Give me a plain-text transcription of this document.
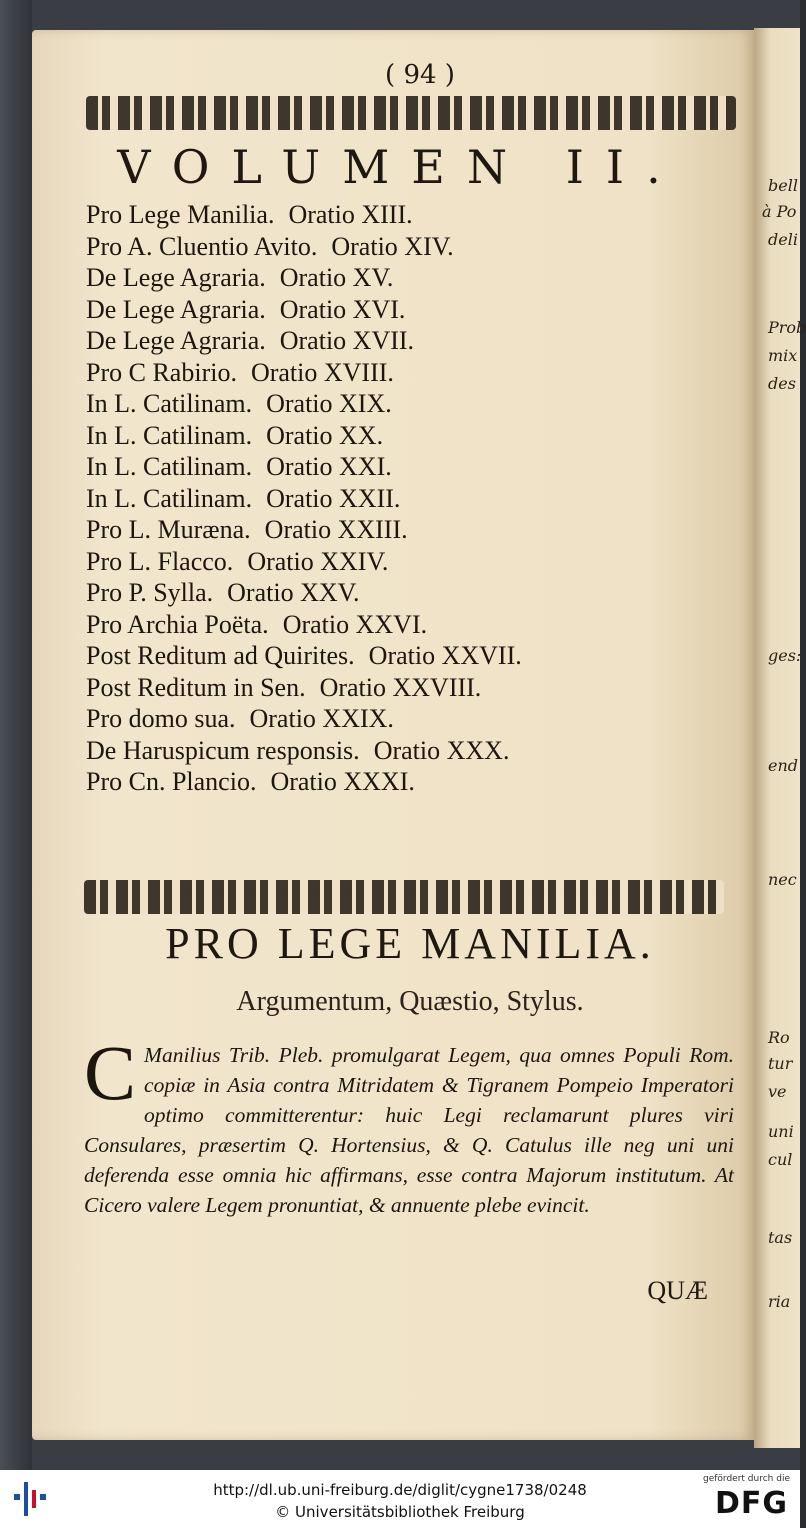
bell
à Po
deli
Prob
mix
des
ges:
end
nec
Ro
tur
ve
uni
cul
tas
ria
( 94 )
VOLUMEN II.
Pro Lege Manilia. Oratio XIII.
Pro A. Cluentio Avito. Oratio XIV.
De Lege Agraria. Oratio XV.
De Lege Agraria. Oratio XVI.
De Lege Agraria. Oratio XVII.
Pro C Rabirio. Oratio XVIII.
In L. Catilinam. Oratio XIX.
In L. Catilinam. Oratio XX.
In L. Catilinam. Oratio XXI.
In L. Catilinam. Oratio XXII.
Pro L. Muræna. Oratio XXIII.
Pro L. Flacco. Oratio XXIV.
Pro P. Sylla. Oratio XXV.
Pro Archia Poëta. Oratio XXVI.
Post Reditum ad Quirites. Oratio XXVII.
Post Reditum in Sen. Oratio XXVIII.
Pro domo sua. Oratio XXIX.
De Haruspicum responsis. Oratio XXX.
Pro Cn. Plancio. Oratio XXXI.
PRO LEGE MANILIA.
Argumentum, Quæstio, Stylus.
C Manilius Trib. Pleb. promulgarat Legem, qua omnes Populi Rom. copiæ in Asia contra Mitridatem & Tigranem Pompeio Imperatori optimo committerentur: huic Legi reclamarunt plures viri Consulares, præsertim Q. Hortensius, & Q. Catulus ille neg uni uni deferenda esse omnia hic affirmans, esse contra Majorum institutum. At Cicero valere Legem pronuntiat, & annuente plebe evincit.
QUÆ
http://dl.ub.uni-freiburg.de/diglit/cygne1738/0248
© Universitätsbibliothek Freiburg
gefördert durch die
DFG
